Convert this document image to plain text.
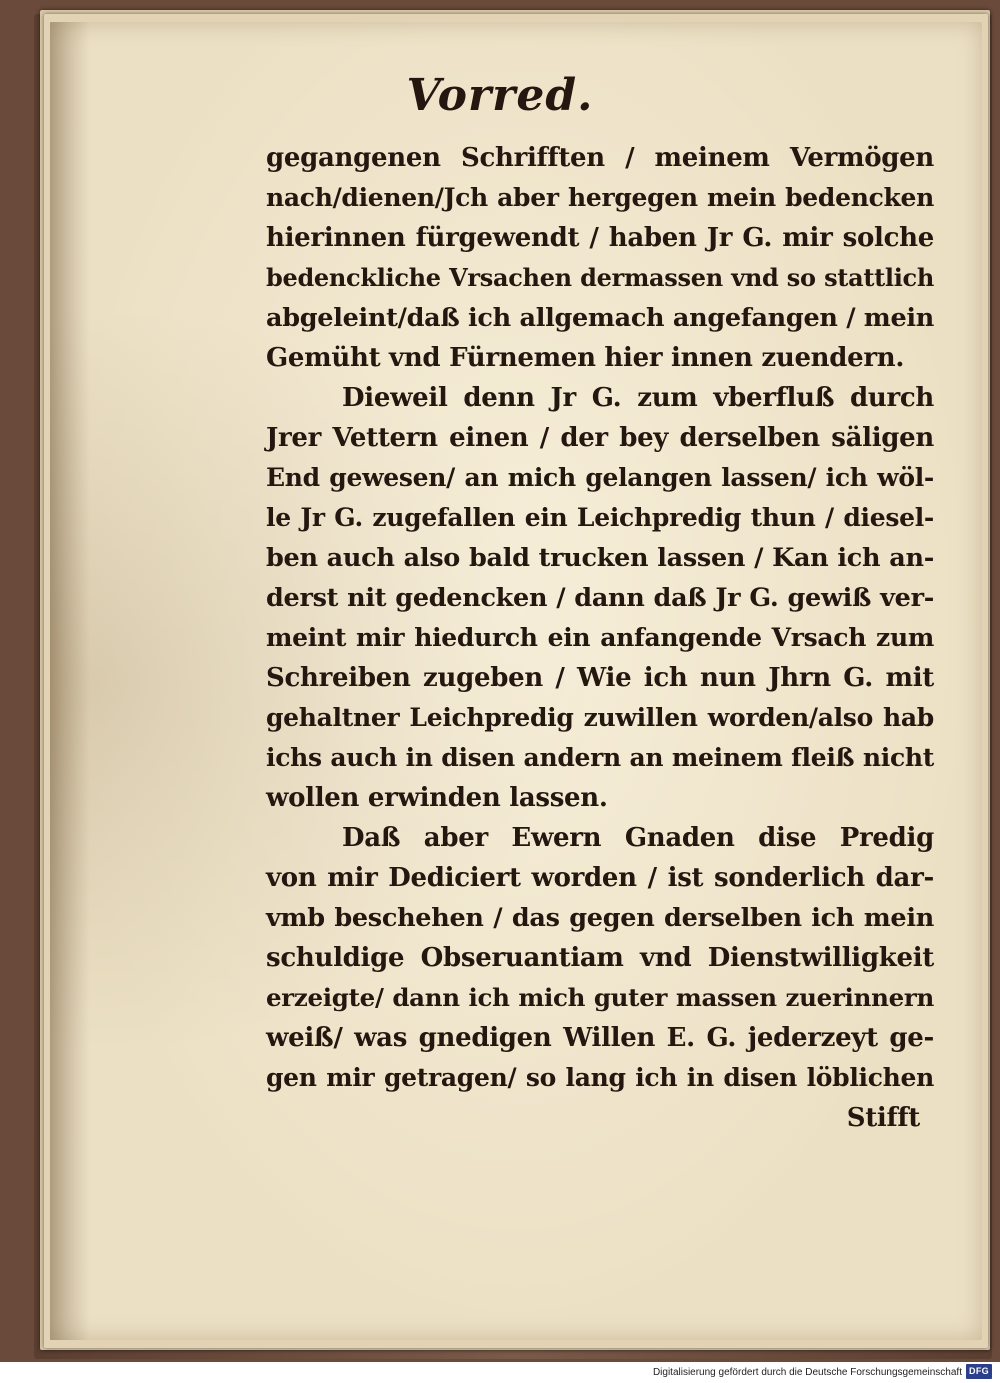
Vorred.
gegangenen Schrifften / meinem Vermögen
nach/dienen/Jch aber hergegen mein bedencken
hierinnen fürgewendt / haben Jr G. mir solche
bedenckliche Vrsachen dermassen vnd so stattlich
abgeleint/daß ich allgemach angefangen / mein
Gemüht vnd Fürnemen hier innen zuendern.
Dieweil denn Jr G. zum vberfluß durch
Jrer Vettern einen / der bey derselben säligen
End gewesen/ an mich gelangen lassen/ ich wöl-
le Jr G. zugefallen ein Leichpredig thun / diesel-
ben auch also bald trucken lassen / Kan ich an-
derst nit gedencken / dann daß Jr G. gewiß ver-
meint mir hiedurch ein anfangende Vrsach zum
Schreiben zugeben / Wie ich nun Jhrn G. mit
gehaltner Leichpredig zuwillen worden/also hab
ichs auch in disen andern an meinem fleiß nicht
wollen erwinden lassen.
Daß aber Ewern Gnaden dise Predig
von mir Dediciert worden / ist sonderlich dar-
vmb beschehen / das gegen derselben ich mein
schuldige Obseruantiam vnd Dienstwilligkeit
erzeigte/ dann ich mich guter massen zuerinnern
weiß/ was gnedigen Willen E. G. jederzeyt ge-
gen mir getragen/ so lang ich in disen löblichen
Stifft
Digitalisierung gefördert durch die Deutsche Forschungsgemeinschaft DFG
